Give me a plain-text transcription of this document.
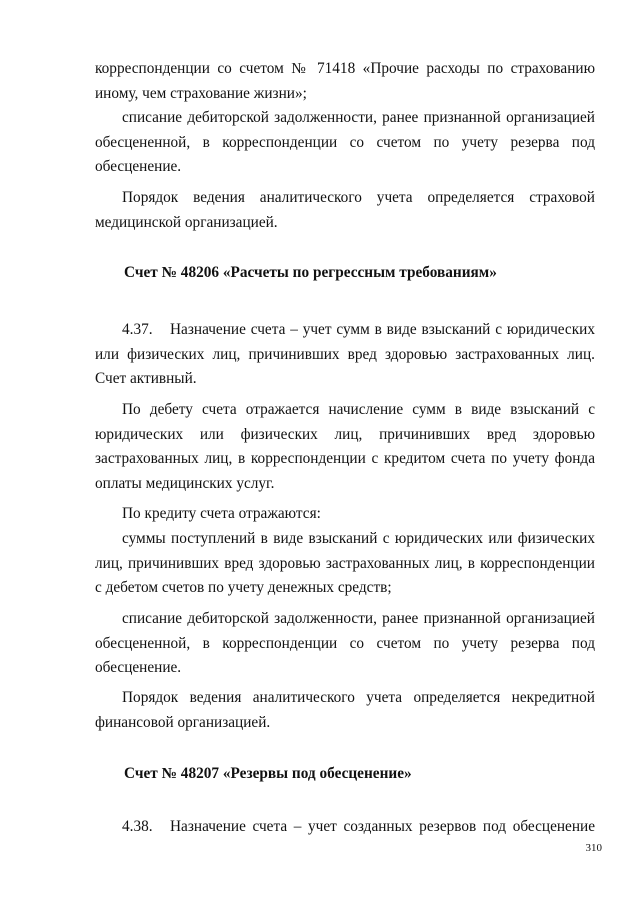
корреспонденции со счетом № 71418 «Прочие расходы по страхованию иному, чем страхование жизни»;
списание дебиторской задолженности, ранее признанной организацией обесцененной, в корреспонденции со счетом по учету резерва под обесценение.
Порядок ведения аналитического учета определяется страховой медицинской организацией.
Счет № 48206 «Расчеты по регрессным требованиям»
4.37. Назначение счета – учет сумм в виде взысканий с юридических или физических лиц, причинивших вред здоровью застрахованных лиц. Счет активный.
По дебету счета отражается начисление сумм в виде взысканий с юридических или физических лиц, причинивших вред здоровью застрахованных лиц, в корреспонденции с кредитом счета по учету фонда оплаты медицинских услуг.
По кредиту счета отражаются:
суммы поступлений в виде взысканий с юридических или физических лиц, причинивших вред здоровью застрахованных лиц, в корреспонденции с дебетом счетов по учету денежных средств;
списание дебиторской задолженности, ранее признанной организацией обесцененной, в корреспонденции со счетом по учету резерва под обесценение.
Порядок ведения аналитического учета определяется некредитной финансовой организацией.
Счет № 48207 «Резервы под обесценение»
4.38. Назначение счета – учет созданных резервов под обесценение
310
